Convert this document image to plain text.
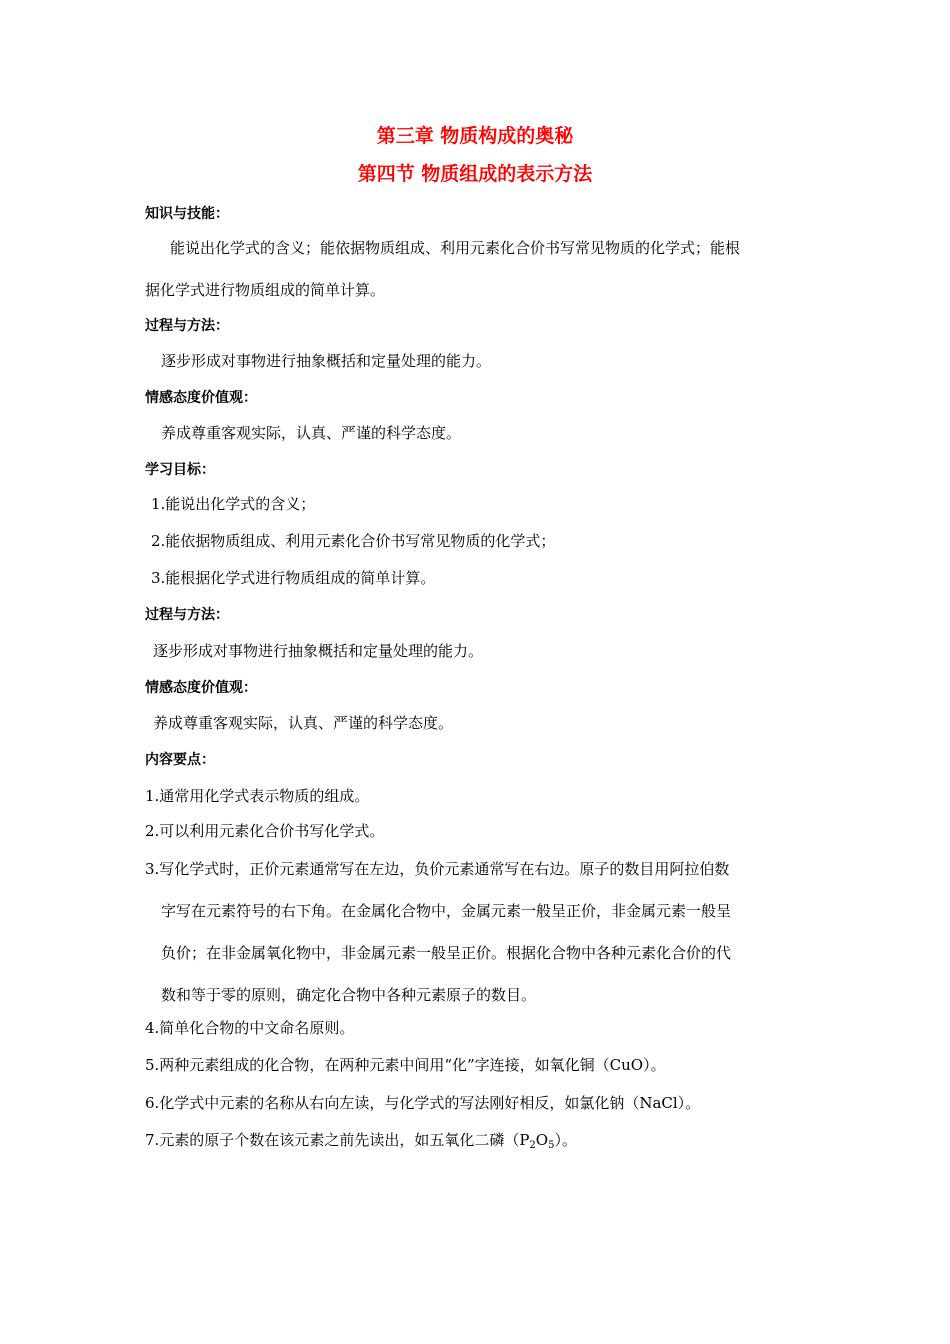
第三章 物质构成的奥秘
第四节 物质组成的表示方法
知识与技能：
能说出化学式的含义；能依据物质组成、利用元素化合价书写常见物质的化学式；能根
据化学式进行物质组成的简单计算。
过程与方法：
逐步形成对事物进行抽象概括和定量处理的能力。
情感态度价值观：
养成尊重客观实际，认真、严谨的科学态度。
学习目标：
1.能说出化学式的含义；
2.能依据物质组成、利用元素化合价书写常见物质的化学式；
3.能根据化学式进行物质组成的简单计算。
过程与方法：
逐步形成对事物进行抽象概括和定量处理的能力。
情感态度价值观：
养成尊重客观实际，认真、严谨的科学态度。
内容要点：
1.通常用化学式表示物质的组成。
2.可以利用元素化合价书写化学式。
3.写化学式时，正价元素通常写在左边，负价元素通常写在右边。原子的数目用阿拉伯数
字写在元素符号的右下角。在金属化合物中，金属元素一般呈正价，非金属元素一般呈
负价；在非金属氧化物中，非金属元素一般呈正价。根据化合物中各种元素化合价的代
数和等于零的原则，确定化合物中各种元素原子的数目。
4.简单化合物的中文命名原则。
5.两种元素组成的化合物，在两种元素中间用“化”字连接，如氧化铜（CuO）。
6.化学式中元素的名称从右向左读，与化学式的写法刚好相反，如氯化钠（NaCl）。
7.元素的原子个数在该元素之前先读出，如五氧化二磷$(P_2O_5)$。
